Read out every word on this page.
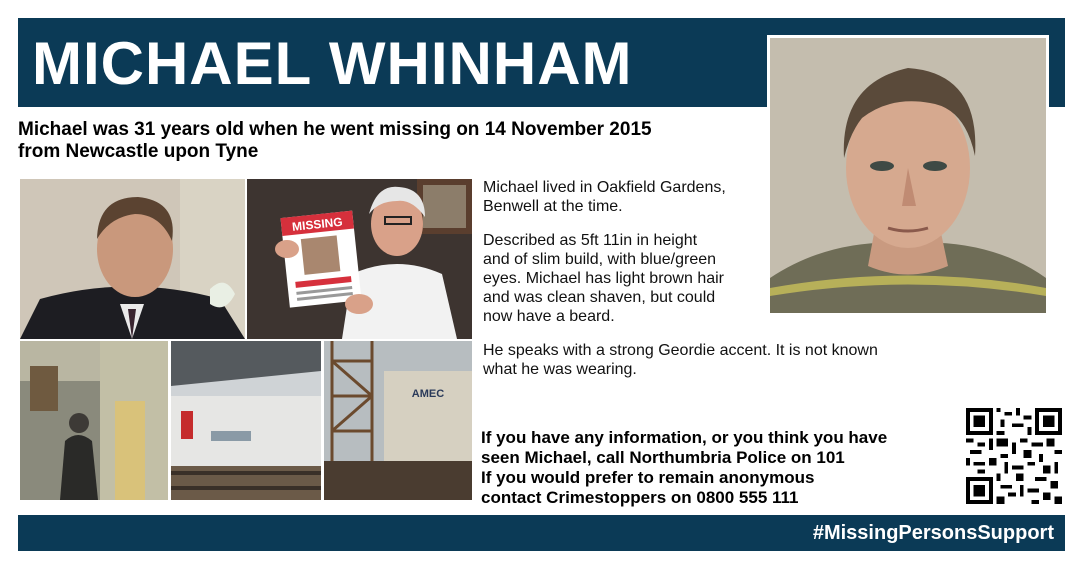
MICHAEL WHINHAM
Michael was 31 years old when he went missing on 14 November 2015
from Newcastle upon Tyne
MISSING
AMEC
Michael lived in Oakfield Gardens,
Benwell at the time.
Described as 5ft 11in in height
and of slim build, with blue/green
eyes. Michael has light brown hair
and was clean shaven, but could
now have a beard.
He speaks with a strong Geordie accent. It is not known
what he was wearing.
If you have any information, or you think you have
seen Michael, call Northumbria Police on 101
If you would prefer to remain anonymous
contact Crimestoppers on 0800 555 111
#MissingPersonsSupport
